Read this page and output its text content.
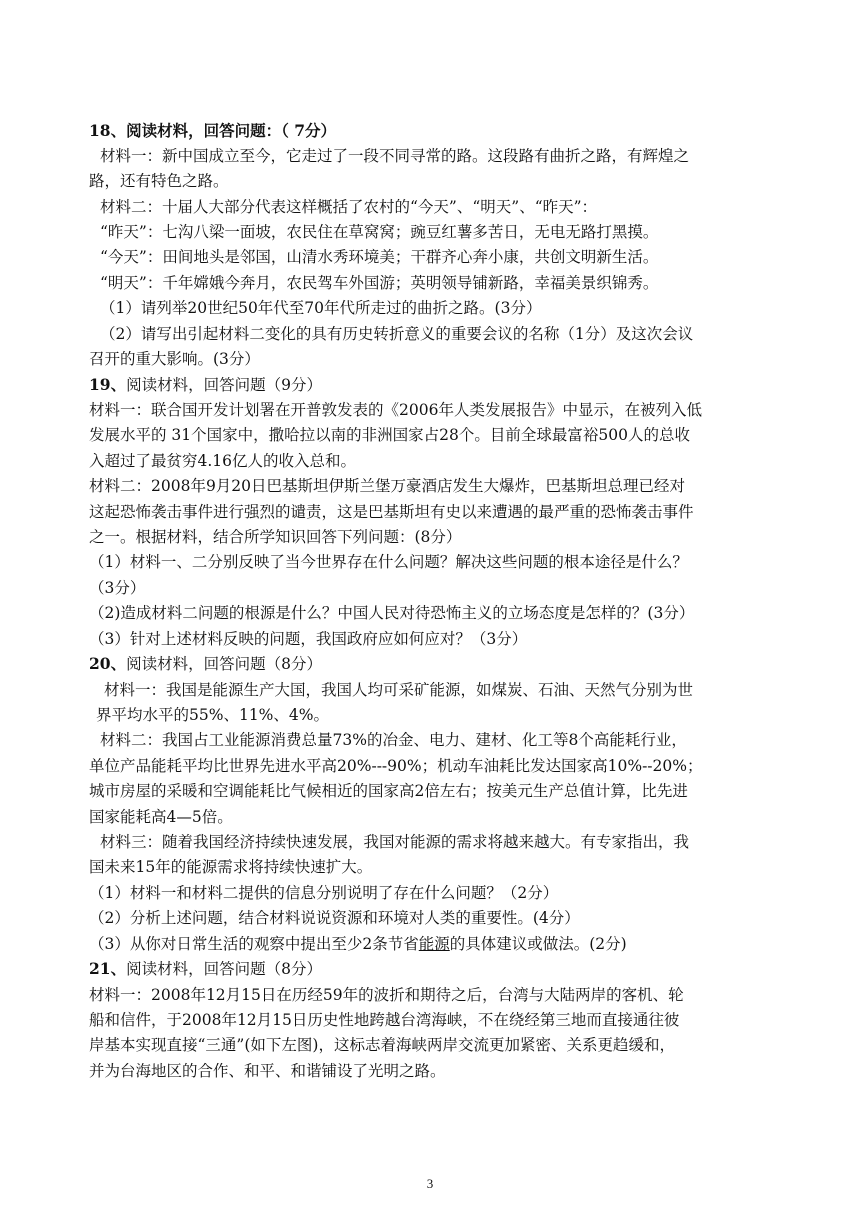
18、阅读材料，回答问题：（ 7分）
材料一：新中国成立至今，它走过了一段不同寻常的路。这段路有曲折之路，有辉煌之
路，还有特色之路。
材料二：十届人大部分代表这样概括了农村的“今天”、“明天”、“昨天”：
“昨天”：七沟八梁一面坡，农民住在草窝窝；豌豆红薯多苦日，无电无路打黑摸。
“今天”：田间地头是邻国，山清水秀环境美；干群齐心奔小康，共创文明新生活。
“明天”：千年嫦娥今奔月，农民驾车外国游；英明领导铺新路，幸福美景织锦秀。
（1）请列举20世纪50年代至70年代所走过的曲折之路。(3分）
（2）请写出引起材料二变化的具有历史转折意义的重要会议的名称（1分）及这次会议
召开的重大影响。(3分）
19、阅读材料，回答问题（9分）
材料一：联合国开发计划署在开普敦发表的《2006年人类发展报告》中显示，在被列入低
发展水平的 31个国家中，撒哈拉以南的非洲国家占28个。目前全球最富裕500人的总收
入超过了最贫穷4.16亿人的收入总和。
材料二：2008年9月20日巴基斯坦伊斯兰堡万豪酒店发生大爆炸，巴基斯坦总理已经对
这起恐怖袭击事件进行强烈的谴责，这是巴基斯坦有史以来遭遇的最严重的恐怖袭击事件
之一。根据材料，结合所学知识回答下列问题：(8分）
（1）材料一、二分别反映了当今世界存在什么问题？解决这些问题的根本途径是什么？
（3分）
（2)造成材料二问题的根源是什么？中国人民对待恐怖主义的立场态度是怎样的？(3分）
（3）针对上述材料反映的问题，我国政府应如何应对？（3分）
20、阅读材料，回答问题（8分）
材料一：我国是能源生产大国，我国人均可采矿能源，如煤炭、石油、天然气分别为世
界平均水平的55%、11%、4%。
材料二：我国占工业能源消费总量73%的冶金、电力、建材、化工等8个高能耗行业，
单位产品能耗平均比世界先进水平高20%---90%；机动车油耗比发达国家高10%--20%；
城市房屋的采暖和空调能耗比气候相近的国家高2倍左右；按美元生产总值计算，比先进
国家能耗高4—5倍。
材料三：随着我国经济持续快速发展，我国对能源的需求将越来越大。有专家指出，我
国未来15年的能源需求将持续快速扩大。
（1）材料一和材料二提供的信息分别说明了存在什么问题？（2分）
（2）分析上述问题，结合材料说说资源和环境对人类的重要性。(4分）
（3）从你对日常生活的观察中提出至少2条节省能源的具体建议或做法。(2分)
21、阅读材料，回答问题（8分）
材料一：2008年12月15日在历经59年的波折和期待之后，台湾与大陆两岸的客机、轮
船和信件，于2008年12月15日历史性地跨越台湾海峡，不在绕经第三地而直接通往彼
岸基本实现直接“三通”(如下左图)，这标志着海峡两岸交流更加紧密、关系更趋缓和，
并为台海地区的合作、和平、和谐铺设了光明之路。
3
